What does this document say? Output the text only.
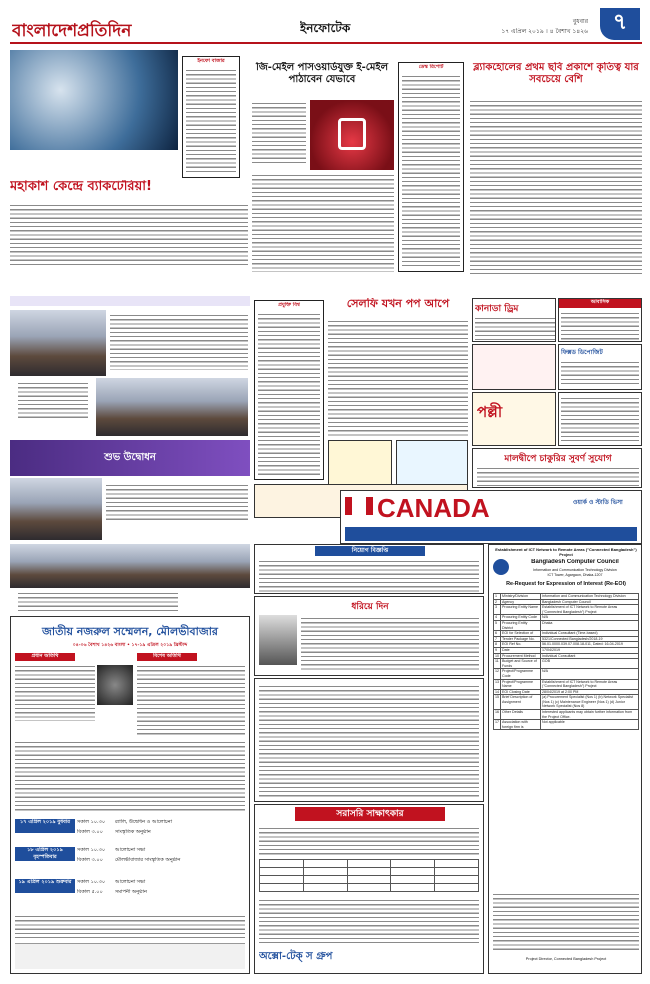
বাংলাদেশপ্রতিদিন	ইনফোটেক	বুধবার
১৭ এপ্রিল ২০১৯ । ৪ বৈশাখ ১৪২৬	৭
ইনফো বাজার
মহাকাশ কেন্দ্রে ব্যাকটেরিয়া!
জি-মেইল পাসওয়ার্ডযুক্ত ই-মেইল পাঠাবেন যেভাবে
ডেস্ক রিপোর্ট	ব্ল্যাকহোলের প্রথম ছবি প্রকাশে কৃতিত্ব যার সবচেয়ে বেশি
শুভ উদ্বোধন
প্রযুক্তি বিশ্ব	সেলফি যখন পপ আপে	কানাডা ড্রিম
আবাসিক
ফিক্সড ডিপোজিট
পল্লী
মালদ্বীপে চাকুরির সুবর্ণ সুযোগ
CANADA	ওয়ার্ক ও স্টাডি ভিসা
নিয়োগ বিজ্ঞপ্তি
ধরিয়ে দিন
জাতীয় নজরুল সম্মেলন, মৌলভীবাজার
০৪-০৬ বৈশাখ ১৪২৬ বাংলা • ১৭-১৯ এপ্রিল ২০১৯ খ্রিস্টাব্দ
প্রধান অতিথি	বিশেষ অতিথি
১৭ এপ্রিল ২০১৯ বুধবার	সকাল ১০.৩০	র‍্যালি, উদ্বোধন ও আলোচনা
বিকাল ৩.০০	সাংস্কৃতিক অনুষ্ঠান
১৮ এপ্রিল ২০১৯ বৃহস্পতিবার
সকাল ১০.৩০	আলোচনা সভা
বিকাল ৩.০০	মৌলভীবাজার সাংস্কৃতিক অনুষ্ঠান
১৯ এপ্রিল ২০১৯ শুক্রবার	সকাল ১০.৩০	আলোচনা সভা
বিকাল ৫.০০	সমাপনী অনুষ্ঠান
সরাসরি সাক্ষাৎকার

অক্সো-টেক্ স গ্রুপ
Establishment of ICT Network to Remote Areas ("Connected Bangladesh") Project
Bangladesh Computer Council
Information and Communication Technology Division
ICT Tower, Agargaon, Dhaka-1207
Re-Request for Expression of Interest (Re-EOI)
1	Ministry/Division	Information and Communication Technology Division
2	Agency	Bangladesh Computer Council
3	Procuring Entity Name	Establishment of ICT Network to Remote Areas ("Connected Bangladesh") Project
4	Procuring Entity Code	N/A
5	Procuring Entity District	Dhaka
6	EOI for Selection of	Individual Consultant (Time-based)
7	Tender Package No.	5321/Connected Bangladesh/2018-19
8	EOI Ref No.	56.01.0000.039.07.008.18-011, Dated: 16-04-2019
9	Date	17/04/2019
10	Procurement Method	Individual Consultant
11	Budget and Source of Funds	GOB
12	Project/Programme Code	N/A
13	Project/Programme Name	Establishment of ICT Network to Remote Areas ("Connected Bangladesh") Project
14	EOI Closing Date	28/04/2019 at 2:00 PM
15	Brief Description of Assignment	(a) Procurement Specialist (Nos 1) (b) Network Specialist (Nos 1) (c) Maintenance Engineer (Nos 1) (d) Junior Network Specialist (Nos 8)
16	Other Details	Interested applicants may obtain further information from the Project Office.
17	Association with foreign firm is	Not applicable
Project Director, Connected Bangladesh Project
